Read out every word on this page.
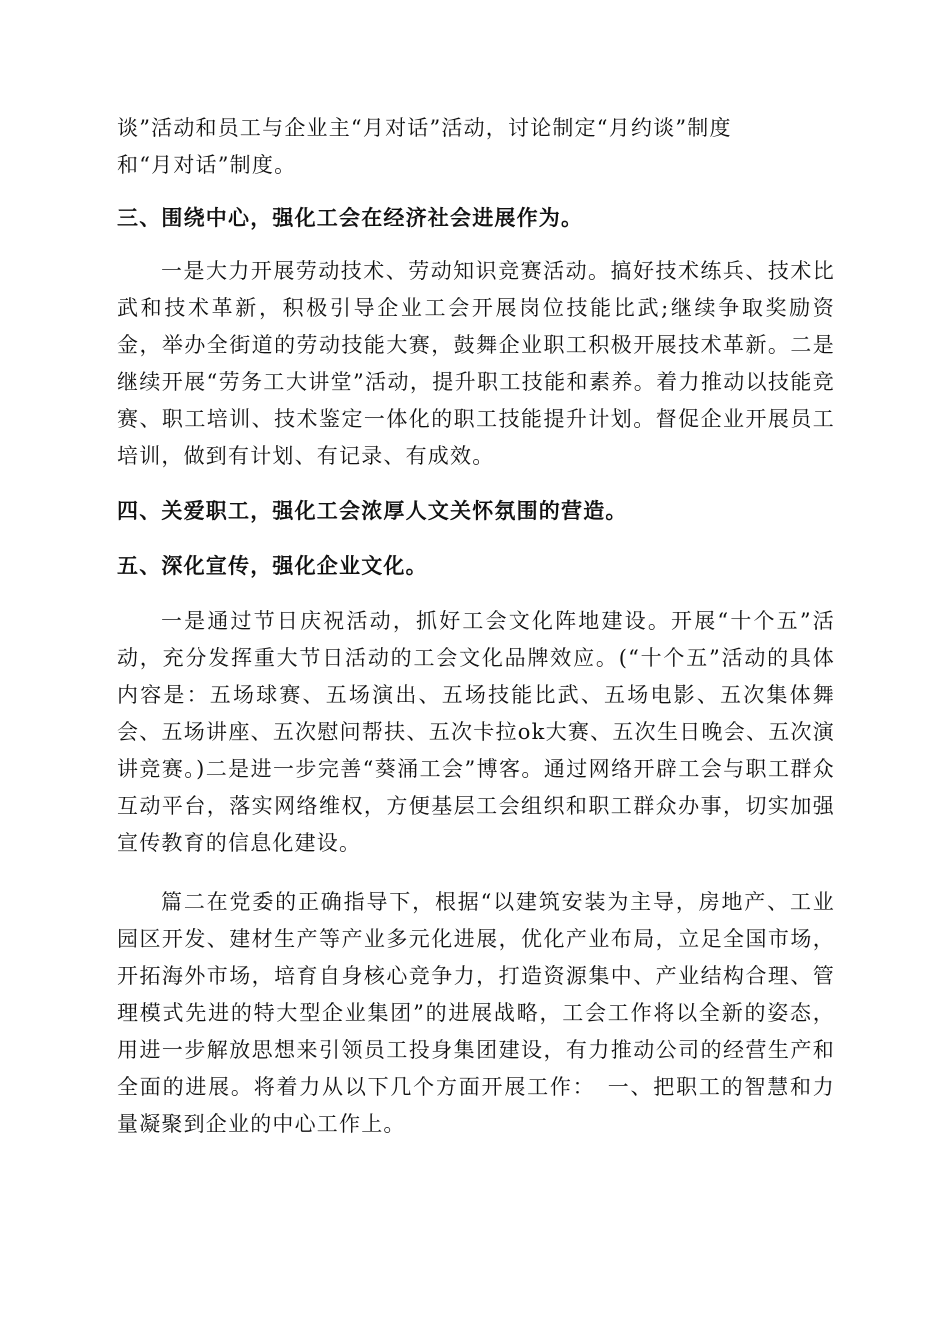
谈”活动和员工与企业主“月对话”活动，讨论制定“月约谈”制度

和“月对话”制度。

三、围绕中心，强化工会在经济社会进展作为。

一是大力开展劳动技术、劳动知识竞赛活动。搞好技术练兵、技术比武和技术革新，积极引导企业工会开展岗位技能比武;继续争取奖励资金，举办全街道的劳动技能大赛，鼓舞企业职工积极开展技术革新。二是继续开展“劳务工大讲堂”活动，提升职工技能和素养。着力推动以技能竞赛、职工培训、技术鉴定一体化的职工技能提升计划。督促企业开展员工培训，做到有计划、有记录、有成效。

四、关爱职工，强化工会浓厚人文关怀氛围的营造。

五、深化宣传，强化企业文化。

一是通过节日庆祝活动，抓好工会文化阵地建设。开展“十个五”活动，充分发挥重大节日活动的工会文化品牌效应。(“十个五”活动的具体内容是：五场球赛、五场演出、五场技能比武、五场电影、五次集体舞会、五场讲座、五次慰问帮扶、五次卡拉ok大赛、五次生日晚会、五次演讲竞赛。)二是进一步完善“葵涌工会”博客。通过网络开辟工会与职工群众互动平台，落实网络维权，方便基层工会组织和职工群众办事，切实加强宣传教育的信息化建设。

篇二在党委的正确指导下，根据“以建筑安装为主导，房地产、工业园区开发、建材生产等产业多元化进展，优化产业布局，立足全国市场，开拓海外市场，培育自身核心竞争力，打造资源集中、产业结构合理、管理模式先进的特大型企业集团”的进展战略，工会工作将以全新的姿态，用进一步解放思想来引领员工投身集团建设，有力推动公司的经营生产和全面的进展。将着力从以下几个方面开展工作：　一、把职工的智慧和力量凝聚到企业的中心工作上。
